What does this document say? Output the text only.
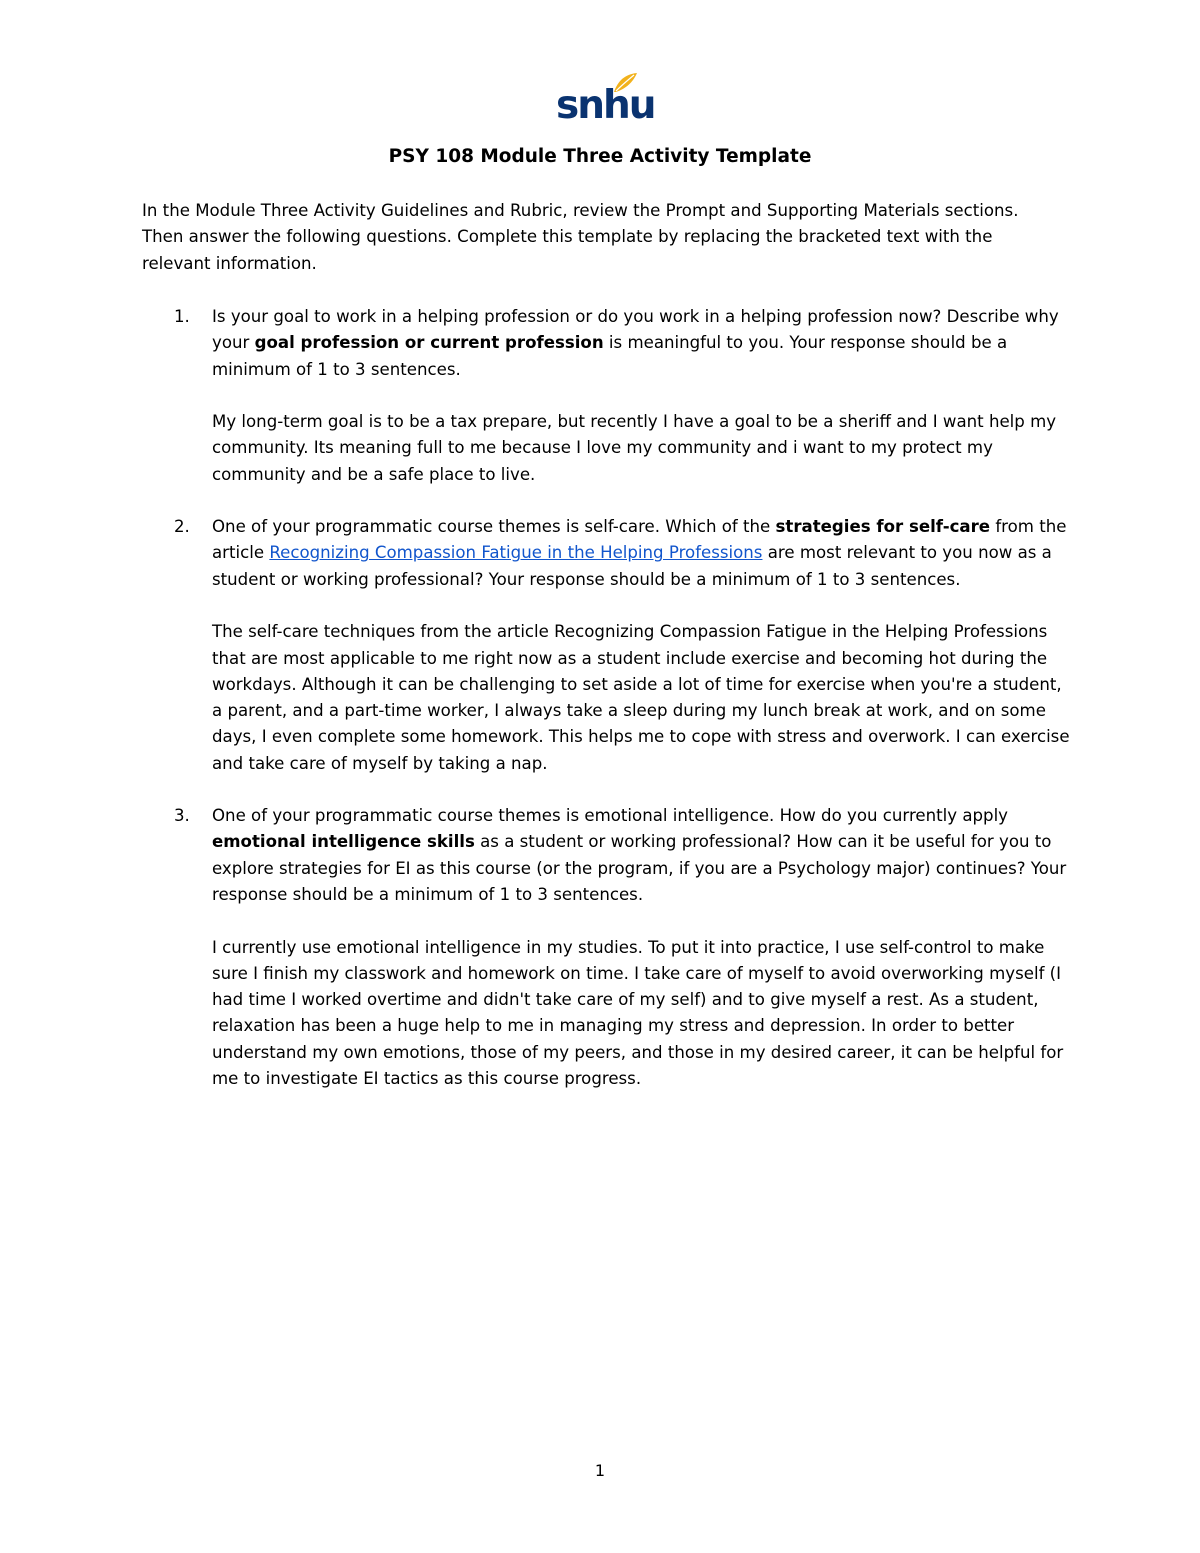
snhu
PSY 108 Module Three Activity Template

In the Module Three Activity Guidelines and Rubric, review the Prompt and Supporting Materials sections. Then answer the following questions. Complete this template by replacing the bracketed text with the relevant information.

1. Is your goal to work in a helping profession or do you work in a helping profession now? Describe why your goal profession or current profession is meaningful to you. Your response should be a minimum of 1 to 3 sentences.

My long-term goal is to be a tax prepare, but recently I have a goal to be a sheriff and I want help my community. Its meaning full to me because I love my community and i want to my protect my community and be a safe place to live.

2. One of your programmatic course themes is self-care. Which of the strategies for self-care from the article Recognizing Compassion Fatigue in the Helping Professions are most relevant to you now as a student or working professional? Your response should be a minimum of 1 to 3 sentences.

The self-care techniques from the article Recognizing Compassion Fatigue in the Helping Professions that are most applicable to me right now as a student include exercise and becoming hot during the workdays. Although it can be challenging to set aside a lot of time for exercise when you're a student, a parent, and a part-time worker, I always take a sleep during my lunch break at work, and on some days, I even complete some homework. This helps me to cope with stress and overwork. I can exercise and take care of myself by taking a nap.

3. One of your programmatic course themes is emotional intelligence. How do you currently apply emotional intelligence skills as a student or working professional? How can it be useful for you to explore strategies for EI as this course (or the program, if you are a Psychology major) continues? Your response should be a minimum of 1 to 3 sentences.

I currently use emotional intelligence in my studies. To put it into practice, I use self-control to make sure I finish my classwork and homework on time. I take care of myself to avoid overworking myself (I had time I worked overtime and didn't take care of my self) and to give myself a rest. As a student, relaxation has been a huge help to me in managing my stress and depression. In order to better understand my own emotions, those of my peers, and those in my desired career, it can be helpful for me to investigate EI tactics as this course progress.

1
